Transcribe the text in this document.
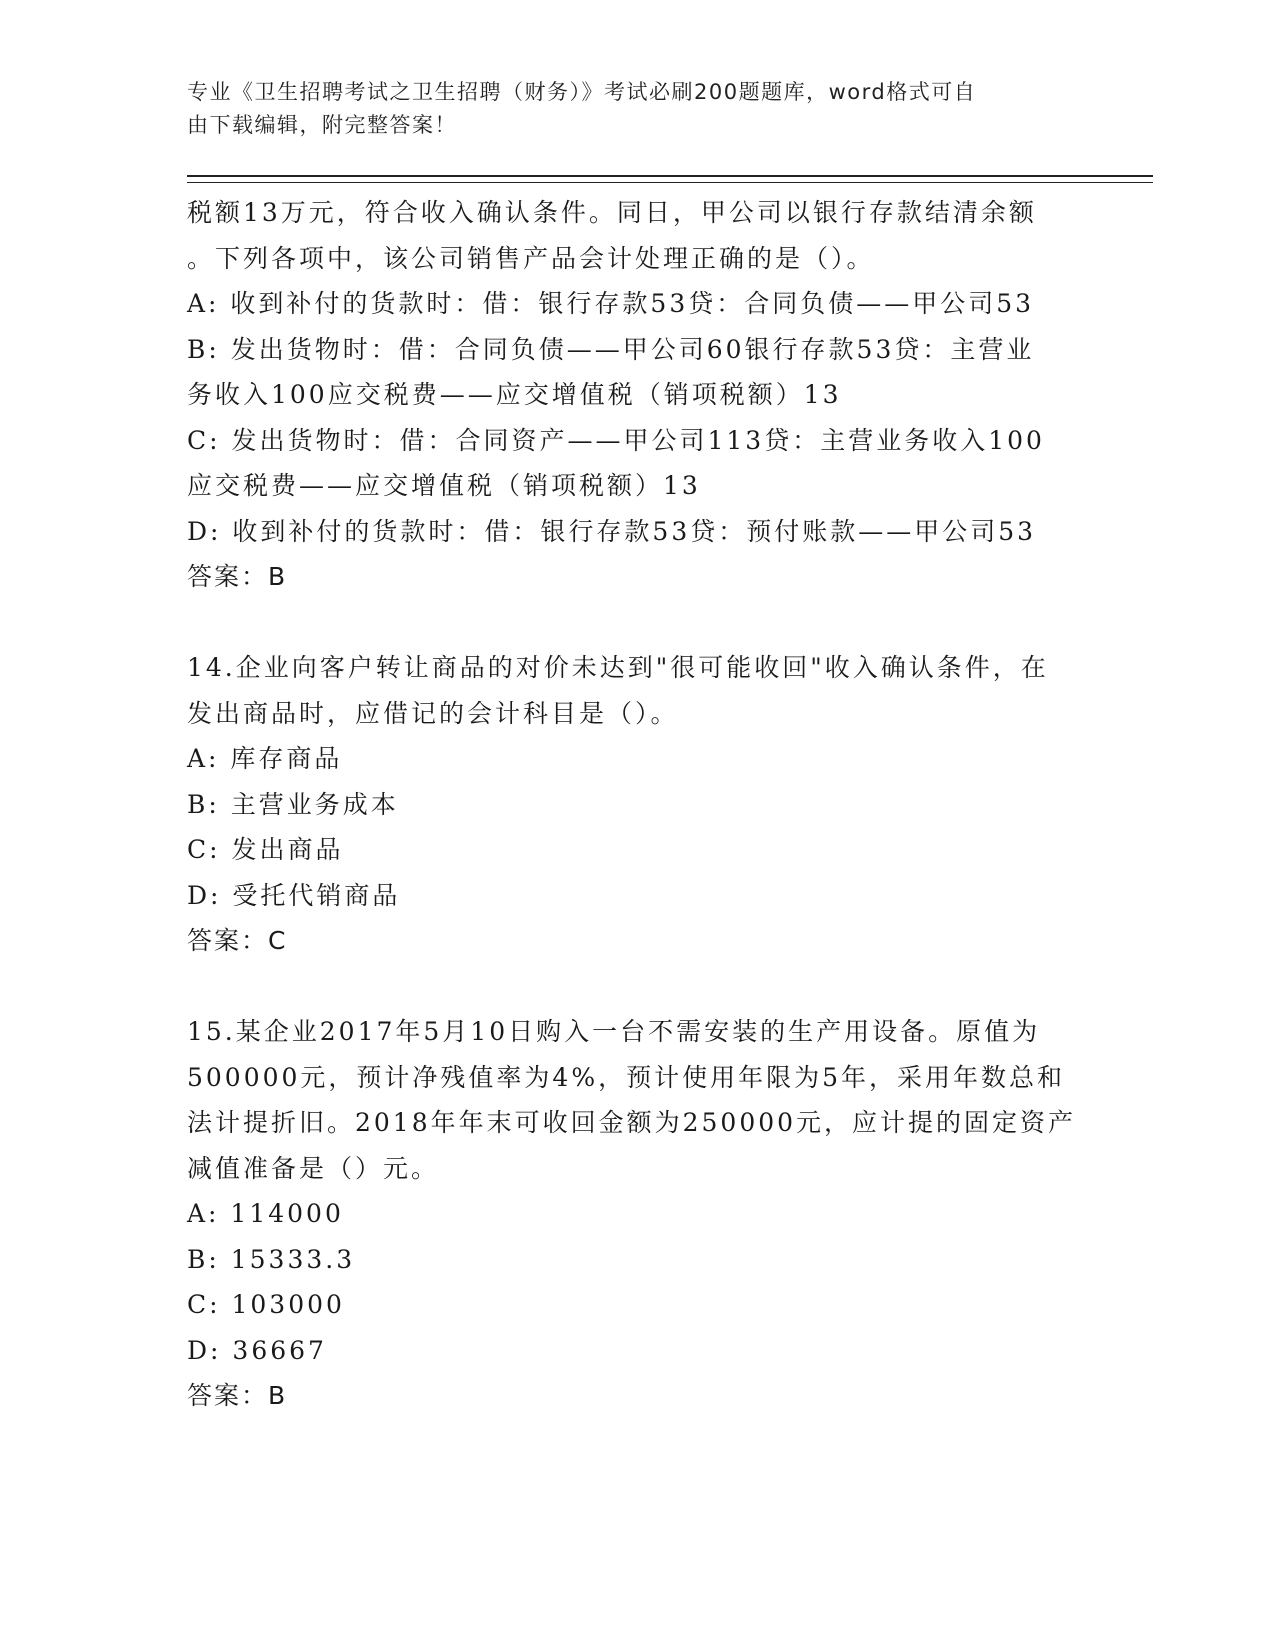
专业《卫生招聘考试之卫生招聘（财务）》考试必刷200题题库，word格式可自
由下载编辑，附完整答案！
税额13万元，符合收入确认条件。同日，甲公司以银行存款结清余额
。下列各项中，该公司销售产品会计处理正确的是（）。
A: 收到补付的货款时：借：银行存款53贷：合同负债——甲公司53
B: 发出货物时：借：合同负债——甲公司60银行存款53贷：主营业
务收入100应交税费——应交增值税（销项税额）13
C: 发出货物时：借：合同资产——甲公司113贷：主营业务收入100
应交税费——应交增值税（销项税额）13
D: 收到补付的货款时：借：银行存款53贷：预付账款——甲公司53
答案：B
14.企业向客户转让商品的对价未达到"很可能收回"收入确认条件，在
发出商品时，应借记的会计科目是（）。
A: 库存商品
B: 主营业务成本
C: 发出商品
D: 受托代销商品
答案：C
15.某企业2017年5月10日购入一台不需安装的生产用设备。原值为
500000元，预计净残值率为4%，预计使用年限为5年，采用年数总和
法计提折旧。2018年年末可收回金额为250000元，应计提的固定资产
减值准备是（）元。
A: 114000
B: 15333.3
C: 103000
D: 36667
答案：B
